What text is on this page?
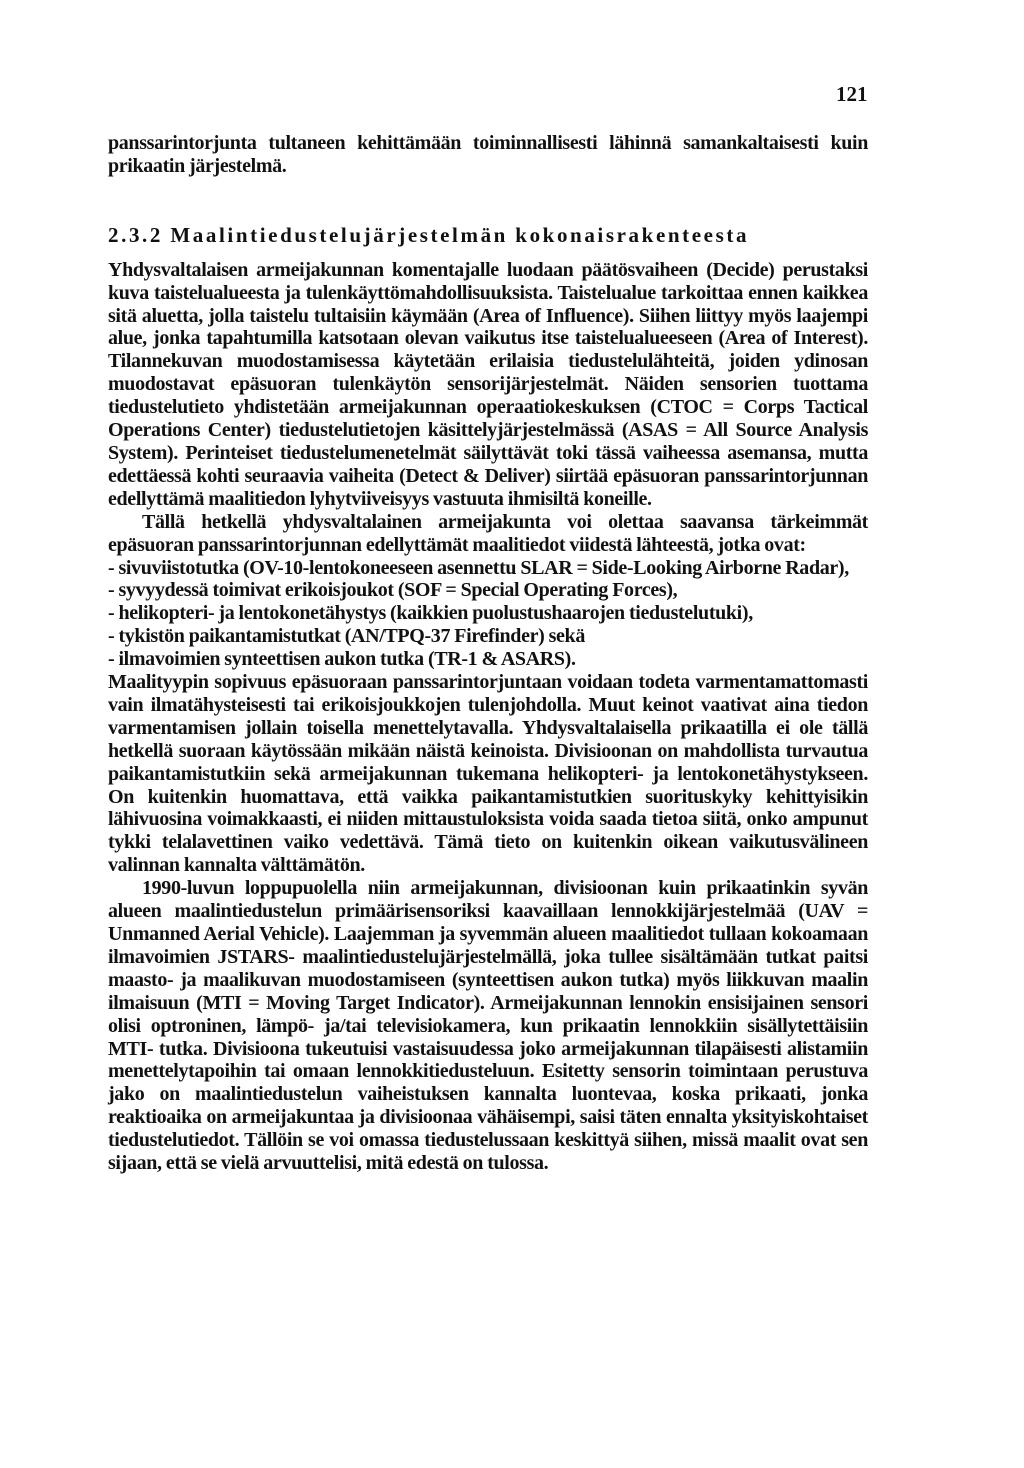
121

panssarintorjunta tultaneen kehittämään toiminnallisesti lähinnä samankaltaisesti kuin prikaatin järjestelmä.

2.3.2 Maalintiedustelujärjestelmän kokonaisrakenteesta

Yhdysvaltalaisen armeijakunnan komentajalle luodaan päätösvaiheen (Decide) perustaksi kuva taistelualueesta ja tulenkäyttömahdollisuuksista. Taistelualue tarkoittaa ennen kaikkea sitä aluetta, jolla taistelu tultaisiin käymään (Area of Influence). Siihen liittyy myös laajempi alue, jonka tapahtumilla katsotaan olevan vaikutus itse taistelualueeseen (Area of Interest). Tilannekuvan muodostamisessa käytetään erilaisia tiedustelulähteitä, joiden ydinosan muodostavat epäsuoran tulenkäytön sensorijärjestelmät. Näiden sensorien tuottama tiedustelutieto yhdistetään armeijakunnan operaatiokeskuksen (CTOC = Corps Tactical Operations Center) tiedustelutietojen käsittelyjärjestelmässä (ASAS = All Source Analysis System). Perinteiset tiedustelumenetelmät säilyttävät toki tässä vaiheessa asemansa, mutta edettäessä kohti seuraavia vaiheita (Detect & Deliver) siirtää epäsuoran panssarintorjunnan edellyttämä maalitiedon lyhytviiveisyys vastuuta ihmisiltä koneille.

Tällä hetkellä yhdysvaltalainen armeijakunta voi olettaa saavansa tärkeimmät epäsuoran panssarintorjunnan edellyttämät maalitiedot viidestä lähteestä, jotka ovat:

- sivuviistotutka (OV-10-lentokoneeseen asennettu SLAR = Side-Looking Airborne Radar),

- syvyydessä toimivat erikoisjoukot (SOF = Special Operating Forces),

- helikopteri- ja lentokonetähystys (kaikkien puolustushaarojen tiedustelutuki),

- tykistön paikantamistutkat (AN/TPQ-37 Firefinder) sekä

- ilmavoimien synteettisen aukon tutka (TR-1 & ASARS).

Maalityypin sopivuus epäsuoraan panssarintorjuntaan voidaan todeta varmentamattomasti vain ilmatähysteisesti tai erikoisjoukkojen tulenjohdolla. Muut keinot vaativat aina tiedon varmentamisen jollain toisella menettelytavalla. Yhdysvaltalaisella prikaatilla ei ole tällä hetkellä suoraan käytössään mikään näistä keinoista. Divisioonan on mahdollista turvautua paikantamistutkiin sekä armeijakunnan tukemana helikopteri- ja lentokonetähystykseen. On kuitenkin huomattava, että vaikka paikantamistutkien suorituskyky kehittyisikin lähivuosina voimakkaasti, ei niiden mittaustuloksista voida saada tietoa siitä, onko ampunut tykki telalavettinen vaiko vedettävä. Tämä tieto on kuitenkin oikean vaikutusvälineen valinnan kannalta välttämätön.

1990-luvun loppupuolella niin armeijakunnan, divisioonan kuin prikaatinkin syvän alueen maalintiedustelun primäärisensoriksi kaavaillaan lennokkijärjestelmää (UAV = Unmanned Aerial Vehicle). Laajemman ja syvemmän alueen maalitiedot tullaan kokoamaan ilmavoimien JSTARS- maalintiedustelujärjestelmällä, joka tullee sisältämään tutkat paitsi maasto- ja maalikuvan muodostamiseen (synteettisen aukon tutka) myös liikkuvan maalin ilmaisuun (MTI = Moving Target Indicator). Armeijakunnan lennokin ensisijainen sensori olisi optroninen, lämpö- ja/tai televisiokamera, kun prikaatin lennokkiin sisällytettäisiin MTI- tutka. Divisioona tukeutuisi vastaisuudessa joko armeijakunnan tilapäisesti alistamiin menettelytapoihin tai omaan lennokkitiedusteluun. Esitetty sensorin toimintaan perustuva jako on maalintiedustelun vaiheistuksen kannalta luontevaa, koska prikaati, jonka reaktioaika on armeijakuntaa ja divisioonaa vähäisempi, saisi täten ennalta yksityiskohtaiset tiedustelutiedot. Tällöin se voi omassa tiedustelussaan keskittyä siihen, missä maalit ovat sen sijaan, että se vielä arvuuttelisi, mitä edestä on tulossa.
